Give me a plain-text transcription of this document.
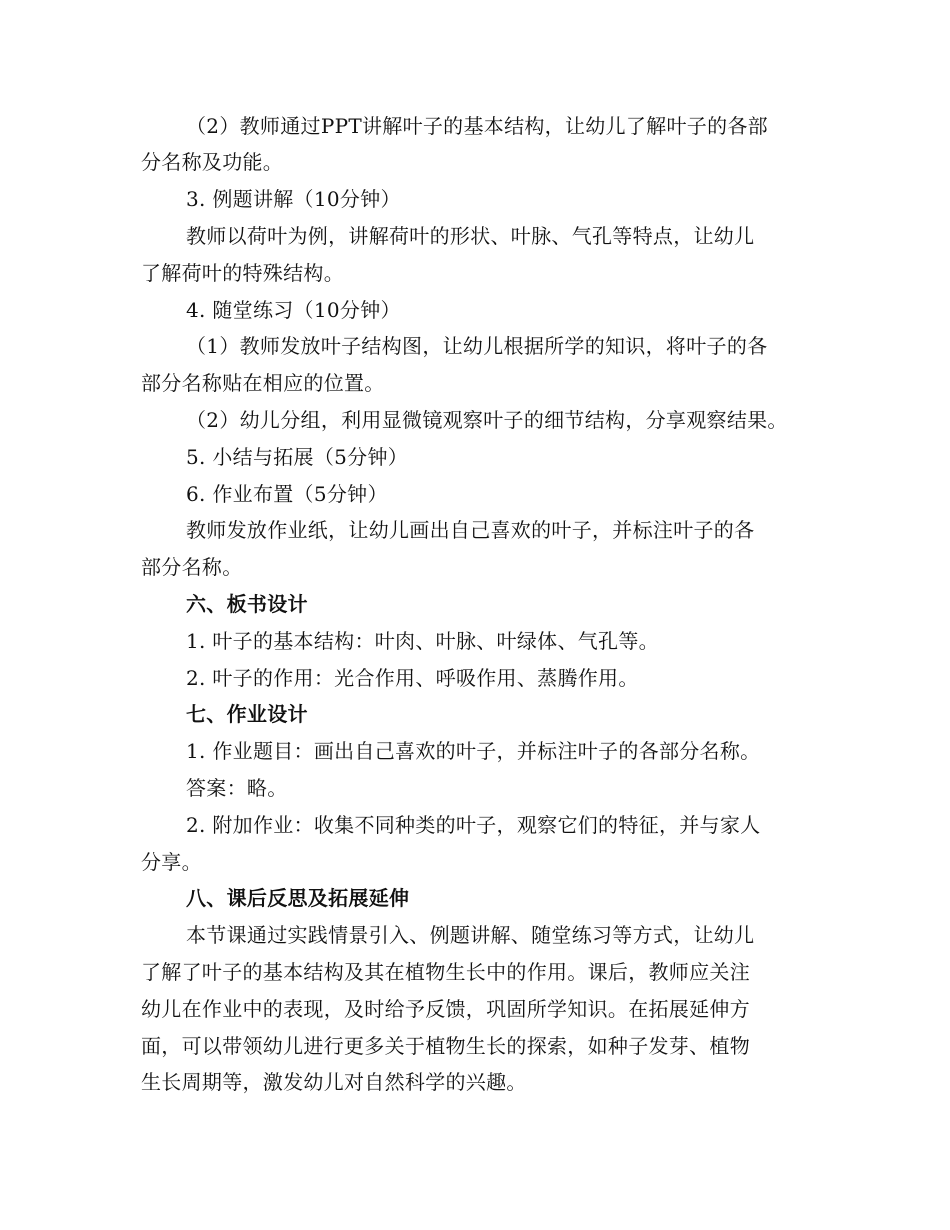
（2）教师通过PPT讲解叶子的基本结构，让幼儿了解叶子的各部
分名称及功能。
3. 例题讲解（10分钟）
教师以荷叶为例，讲解荷叶的形状、叶脉、气孔等特点，让幼儿
了解荷叶的特殊结构。
4. 随堂练习（10分钟）
（1）教师发放叶子结构图，让幼儿根据所学的知识，将叶子的各
部分名称贴在相应的位置。
（2）幼儿分组，利用显微镜观察叶子的细节结构，分享观察结果。
5. 小结与拓展（5分钟）
6. 作业布置（5分钟）
教师发放作业纸，让幼儿画出自己喜欢的叶子，并标注叶子的各
部分名称。
六、板书设计
1. 叶子的基本结构：叶肉、叶脉、叶绿体、气孔等。
2. 叶子的作用：光合作用、呼吸作用、蒸腾作用。
七、作业设计
1. 作业题目：画出自己喜欢的叶子，并标注叶子的各部分名称。
答案：略。
2. 附加作业：收集不同种类的叶子，观察它们的特征，并与家人
分享。
八、课后反思及拓展延伸
本节课通过实践情景引入、例题讲解、随堂练习等方式，让幼儿
了解了叶子的基本结构及其在植物生长中的作用。课后，教师应关注
幼儿在作业中的表现，及时给予反馈，巩固所学知识。在拓展延伸方
面，可以带领幼儿进行更多关于植物生长的探索，如种子发芽、植物
生长周期等，激发幼儿对自然科学的兴趣。
